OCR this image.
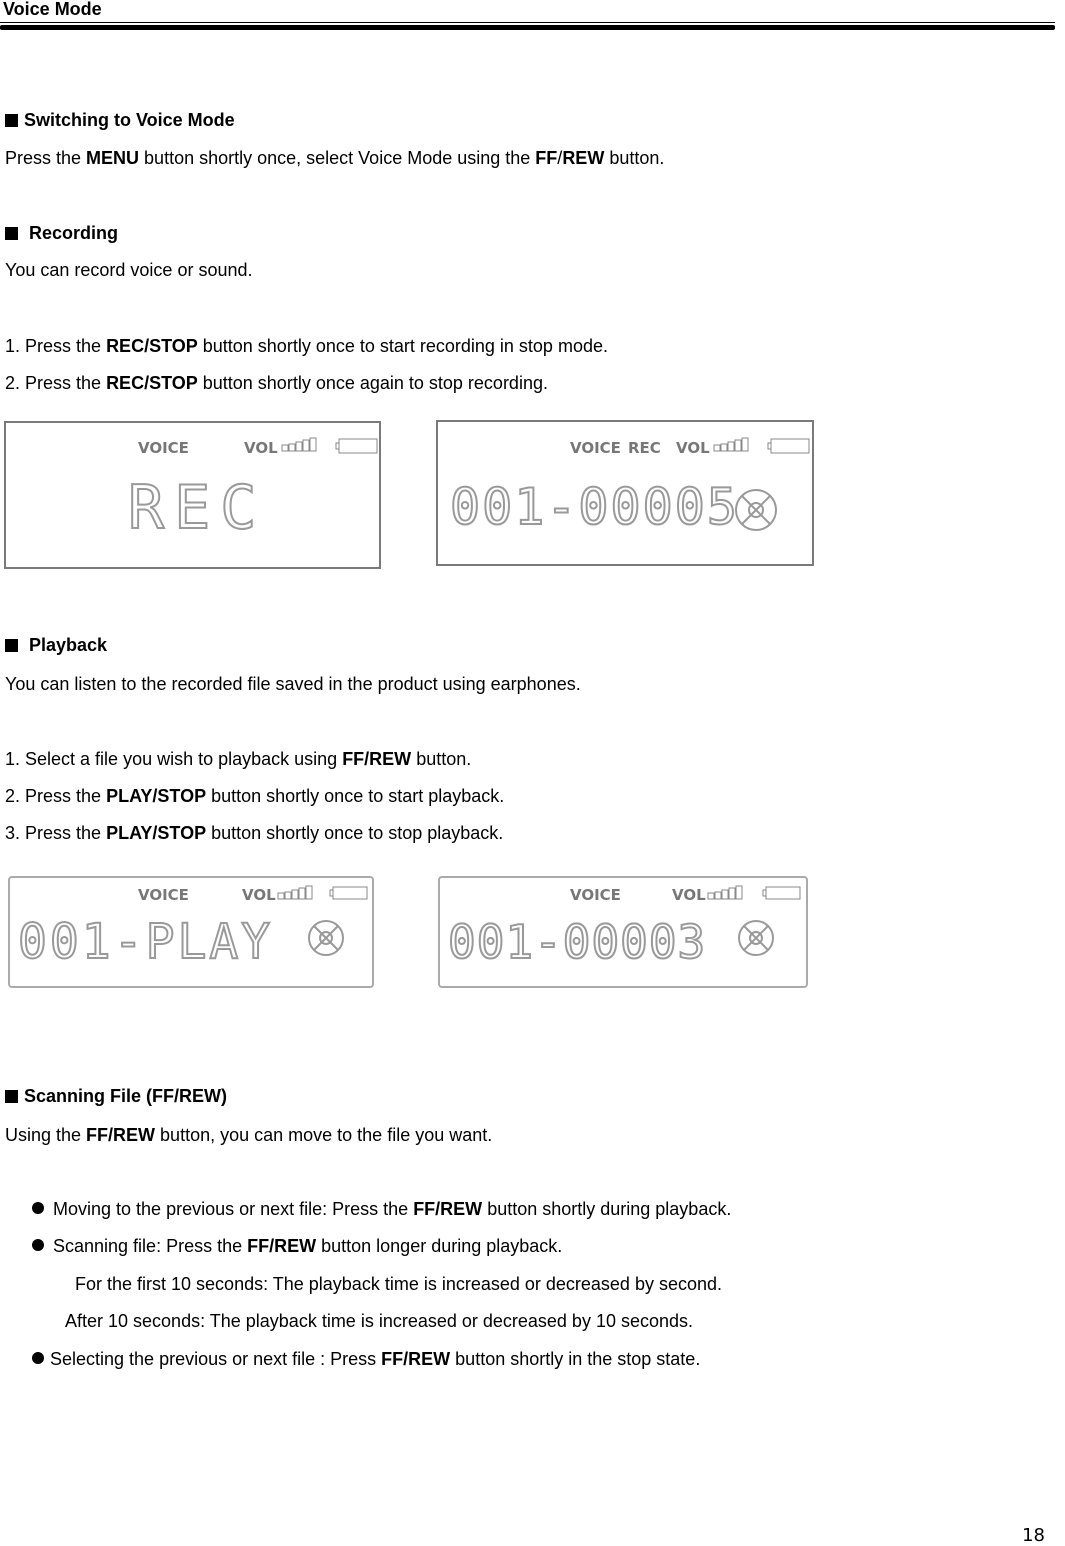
Voice Mode
Switching to Voice Mode
Press the MENU button shortly once, select Voice Mode using the FF/REW button.
Recording
You can record voice or sound.
1. Press the REC/STOP button shortly once to start recording in stop mode.
2. Press the REC/STOP button shortly once again to stop recording.
VOICE	VOL
REC
VOICE REC VOL
001-00005
Playback
You can listen to the recorded file saved in the product using earphones.
1. Select a file you wish to playback using FF/REW button.
2. Press the PLAY/STOP button shortly once to start playback.
3. Press the PLAY/STOP button shortly once to stop playback.
VOICE	VOL
001-PLAY
VOICE	VOL
001-00003
Scanning File (FF/REW)
Using the FF/REW button, you can move to the file you want.
Moving to the previous or next file: Press the FF/REW button shortly during playback.
Scanning file: Press the FF/REW button longer during playback.
For the first 10 seconds: The playback time is increased or decreased by second.
After 10 seconds: The playback time is increased or decreased by 10 seconds.
Selecting the previous or next file : Press FF/REW button shortly in the stop state.
18
